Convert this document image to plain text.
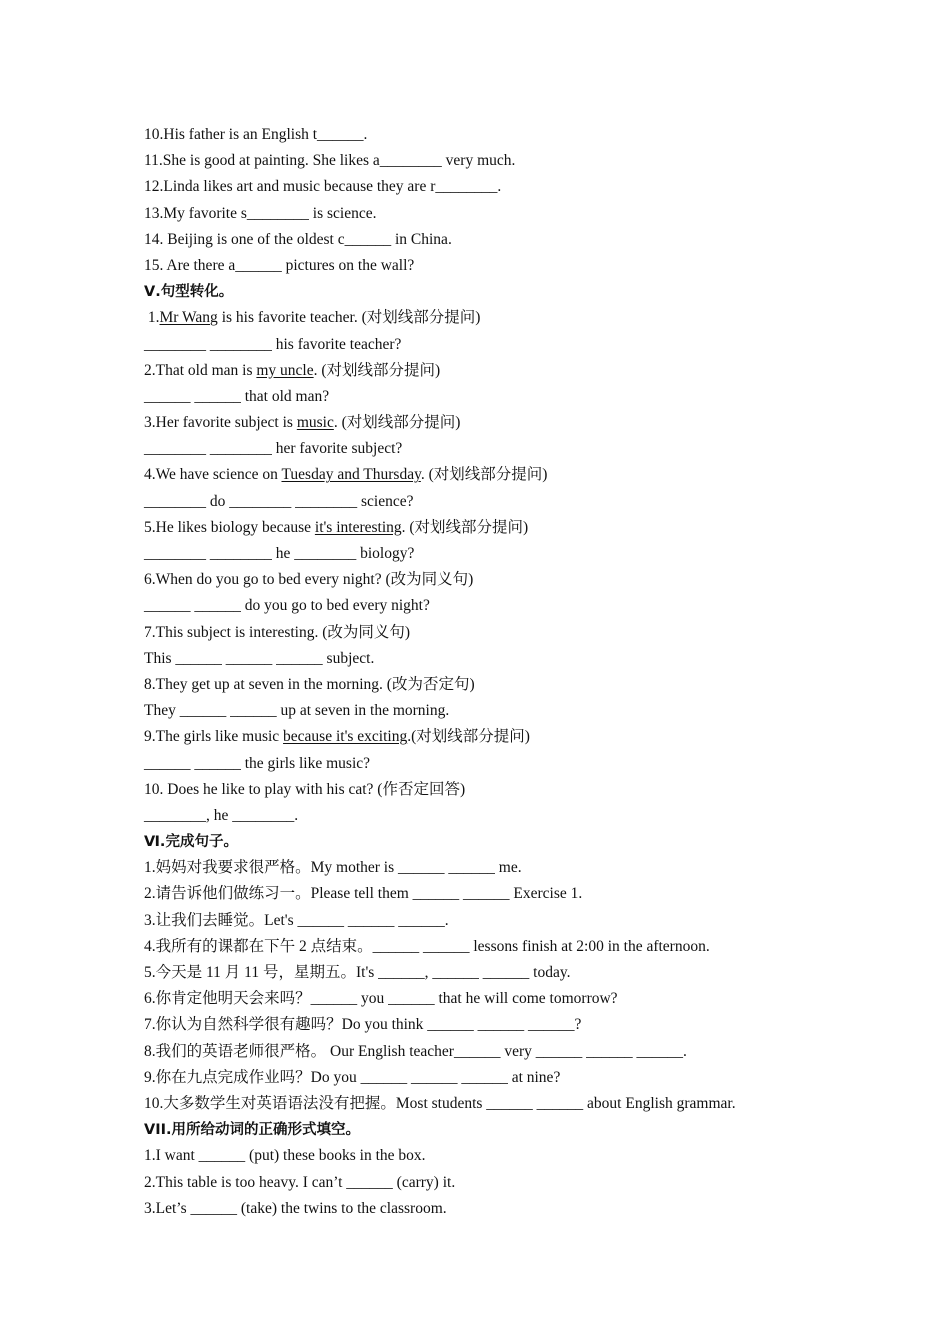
10.His father is an English t______.
11.She is good at painting. She likes a________ very much.
12.Linda likes art and music because they are r________.
13.My favorite s________ is science.
14. Beijing is one of the oldest c______ in China.
15. Are there a______ pictures on the wall?
Ⅴ.句型转化。
1.Mr Wang is his favorite teacher. (对划线部分提问)
________ ________ his favorite teacher?
2.That old man is my uncle. (对划线部分提问)
______ ______ that old man?
3.Her favorite subject is music. (对划线部分提问)
________ ________ her favorite subject?
4.We have science on Tuesday and Thursday. (对划线部分提问)
________ do ________ ________ science?
5.He likes biology because it's interesting. (对划线部分提问)
________ ________ he ________ biology?
6.When do you go to bed every night? (改为同义句)
______ ______ do you go to bed every night?
7.This subject is interesting. (改为同义句)
This ______ ______ ______ subject.
8.They get up at seven in the morning. (改为否定句)
They ______ ______ up at seven in the morning.
9.The girls like music because it's exciting.(对划线部分提问)
______ ______ the girls like music?
10. Does he like to play with his cat? (作否定回答)
________, he ________.
Ⅵ.完成句子。
1.妈妈对我要求很严格。My mother is ______ ______ me.
2.请告诉他们做练习一。Please tell them ______ ______ Exercise 1.
3.让我们去睡觉。Let's ______ ______ ______.
4.我所有的课都在下午 2 点结束。______ ______ lessons finish at 2:00 in the afternoon.
5.今天是 11 月 11 号，星期五。It's ______, ______ ______ today.
6.你肯定他明天会来吗？______ you ______ that he will come tomorrow?
7.你认为自然科学很有趣吗？Do you think ______ ______ ______?
8.我们的英语老师很严格。 Our English teacher______ very ______ ______ ______.
9.你在九点完成作业吗？Do you ______ ______ ______ at nine?
10.大多数学生对英语语法没有把握。Most students ______ ______ about English grammar.
VII.用所给动词的正确形式填空。
1.I want ______ (put) these books in the box.
2.This table is too heavy. I can’t ______ (carry) it.
3.Let’s ______ (take) the twins to the classroom.
